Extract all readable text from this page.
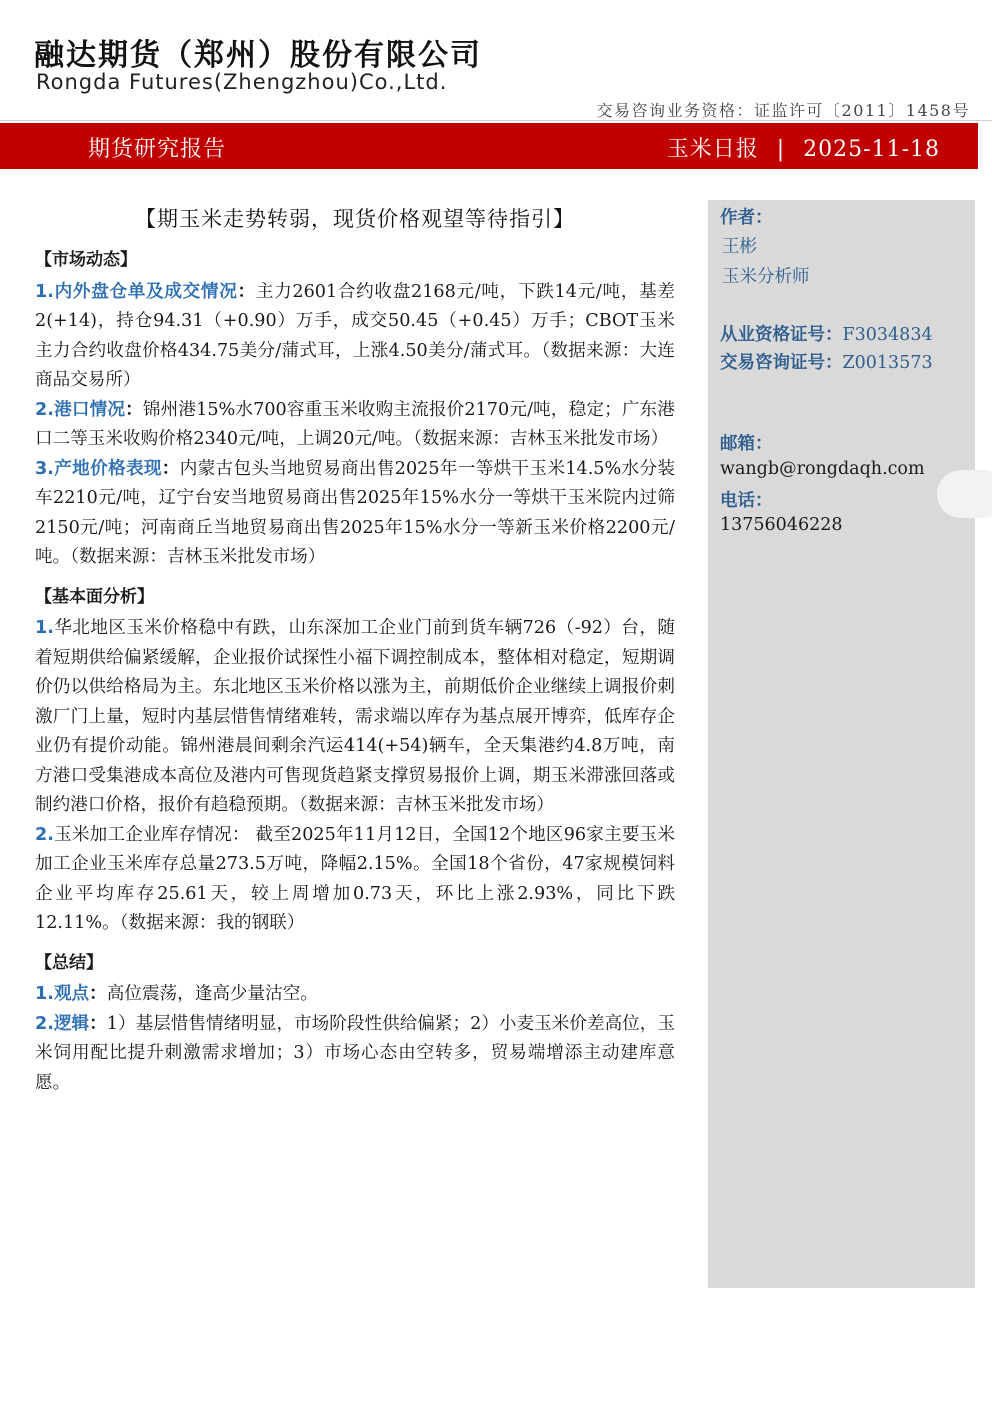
融达期货（郑州）股份有限公司
Rongda Futures(Zhengzhou)Co.,Ltd.
交易咨询业务资格：证监许可〔2011〕1458号
期货研究报告	玉米日报 | 2025-11-18
【期玉米走势转弱，现货价格观望等待指引】
【市场动态】
1.内外盘仓单及成交情况：主力2601合约收盘2168元/吨，下跌14元/吨，基差2(+14)，持仓94.31（+0.90）万手，成交50.45（+0.45）万手；CBOT玉米主力合约收盘价格434.75美分/蒲式耳，上涨4.50美分/蒲式耳。（数据来源：大连商品交易所）
2.港口情况：锦州港15%水700容重玉米收购主流报价2170元/吨，稳定；广东港口二等玉米收购价格2340元/吨，上调20元/吨。（数据来源：吉林玉米批发市场）
3.产地价格表现：内蒙古包头当地贸易商出售2025年一等烘干玉米14.5%水分装车2210元/吨，辽宁台安当地贸易商出售2025年15%水分一等烘干玉米院内过筛2150元/吨；河南商丘当地贸易商出售2025年15%水分一等新玉米价格2200元/吨。（数据来源：吉林玉米批发市场）
【基本面分析】
1.华北地区玉米价格稳中有跌，山东深加工企业门前到货车辆726（-92）台，随着短期供给偏紧缓解，企业报价试探性小福下调控制成本，整体相对稳定，短期调价仍以供给格局为主。东北地区玉米价格以涨为主，前期低价企业继续上调报价刺激厂门上量，短时内基层惜售情绪难转，需求端以库存为基点展开博弈，低库存企业仍有提价动能。锦州港晨间剩余汽运414(+54)辆车，全天集港约4.8万吨，南方港口受集港成本高位及港内可售现货趋紧支撑贸易报价上调，期玉米滞涨回落或制约港口价格，报价有趋稳预期。（数据来源：吉林玉米批发市场）
2.玉米加工企业库存情况： 截至2025年11月12日，全国12个地区96家主要玉米加工企业玉米库存总量273.5万吨，降幅2.15%。全国18个省份，47家规模饲料企业平均库存25.61天，较上周增加0.73天，环比上涨2.93%，同比下跌12.11%。（数据来源：我的钢联）
【总结】
1.观点：高位震荡，逢高少量沽空。
2.逻辑：1）基层惜售情绪明显，市场阶段性供给偏紧；2）小麦玉米价差高位，玉米饲用配比提升刺激需求增加；3）市场心态由空转多，贸易端增添主动建库意愿。
作者：
王彬
玉米分析师
从业资格证号：F3034834
交易咨询证号：Z0013573
邮箱：
wangb@rongdaqh.com
电话：
13756046228
